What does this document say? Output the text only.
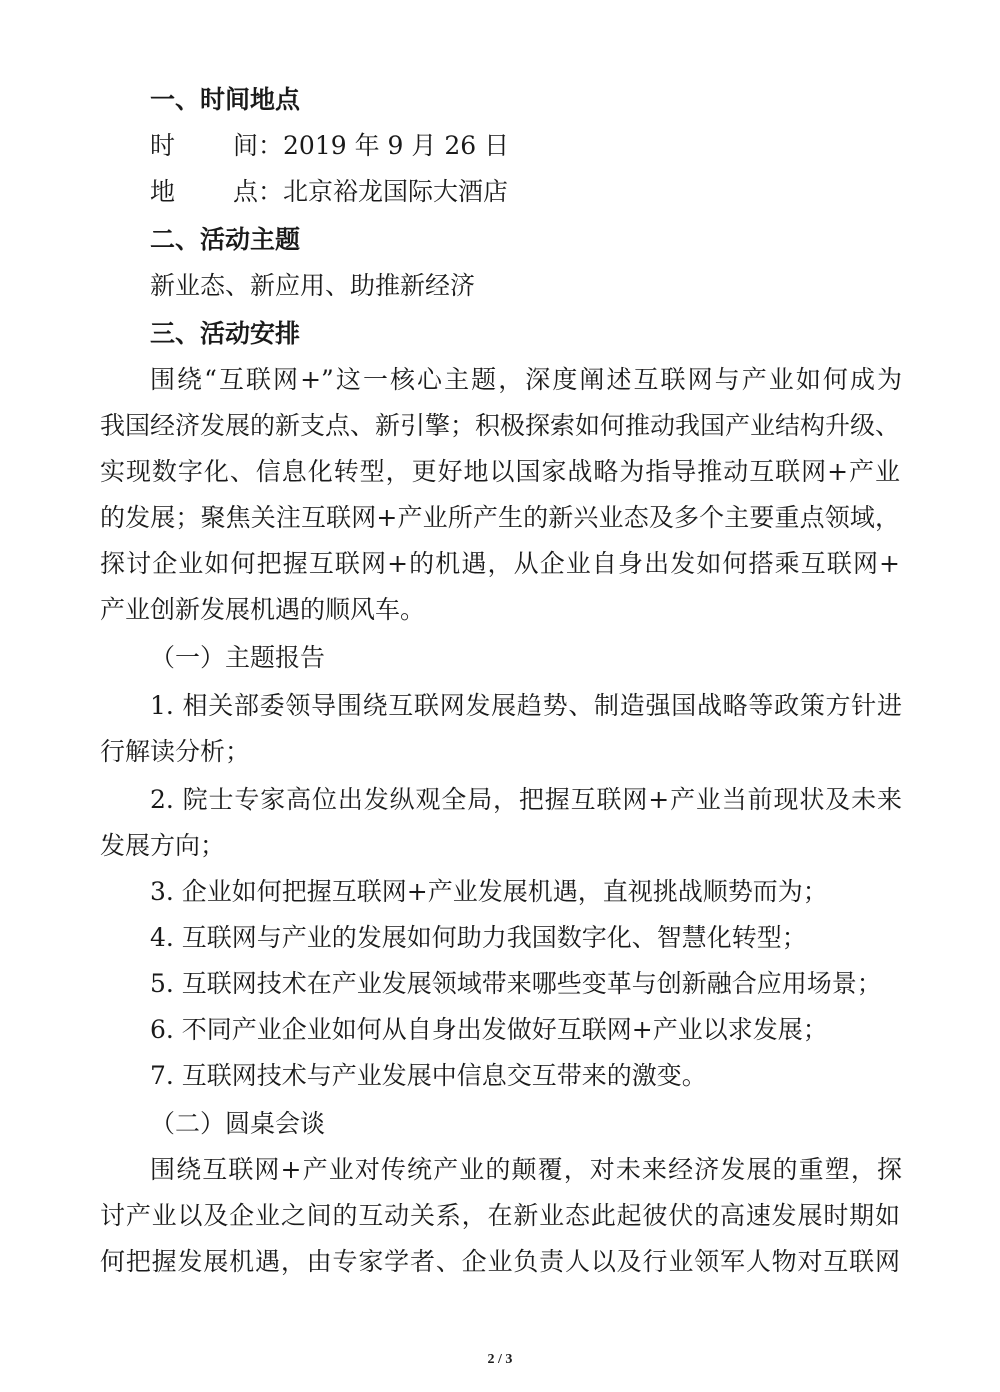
一、时间地点
时 间：2019 年 9 月 26 日
地 点：北京裕龙国际大酒店
二、活动主题
新业态、新应用、助推新经济
三、活动安排
围绕“互联网+”这一核心主题，深度阐述互联网与产业如何成为
我国经济发展的新支点、新引擎；积极探索如何推动我国产业结构升级、
实现数字化、信息化转型，更好地以国家战略为指导推动互联网+产业
的发展；聚焦关注互联网+产业所产生的新兴业态及多个主要重点领域，
探讨企业如何把握互联网+的机遇，从企业自身出发如何搭乘互联网+
产业创新发展机遇的顺风车。
（一）主题报告
1. 相关部委领导围绕互联网发展趋势、制造强国战略等政策方针进
行解读分析；
2. 院士专家高位出发纵观全局，把握互联网+产业当前现状及未来
发展方向；
3. 企业如何把握互联网+产业发展机遇，直视挑战顺势而为；
4. 互联网与产业的发展如何助力我国数字化、智慧化转型；
5. 互联网技术在产业发展领域带来哪些变革与创新融合应用场景；
6. 不同产业企业如何从自身出发做好互联网+产业以求发展；
7. 互联网技术与产业发展中信息交互带来的激变。
（二）圆桌会谈
围绕互联网+产业对传统产业的颠覆，对未来经济发展的重塑，探
讨产业以及企业之间的互动关系，在新业态此起彼伏的高速发展时期如
何把握发展机遇，由专家学者、企业负责人以及行业领军人物对互联网
2 / 3
